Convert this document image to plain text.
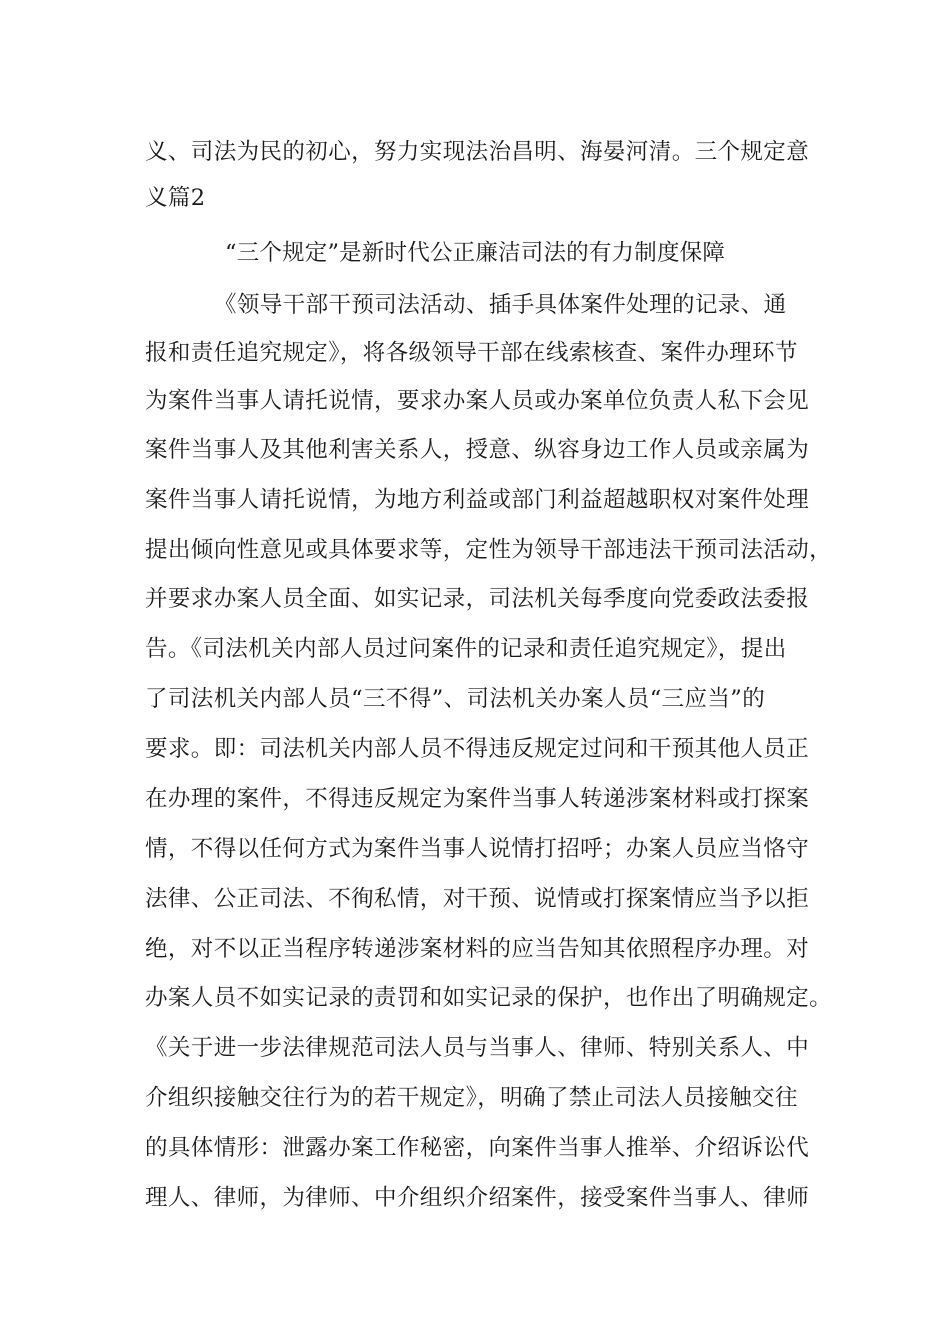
义、司法为民的初心，努力实现法治昌明、海晏河清。三个规定意
义篇2
“三个规定”是新时代公正廉洁司法的有力制度保障
《领导干部干预司法活动、插手具体案件处理的记录、通
报和责任追究规定》，将各级领导干部在线索核查、案件办理环节
为案件当事人请托说情，要求办案人员或办案单位负责人私下会见
案件当事人及其他利害关系人，授意、纵容身边工作人员或亲属为
案件当事人请托说情，为地方利益或部门利益超越职权对案件处理
提出倾向性意见或具体要求等，定性为领导干部违法干预司法活动，
并要求办案人员全面、如实记录，司法机关每季度向党委政法委报
告。《司法机关内部人员过问案件的记录和责任追究规定》，提出
了司法机关内部人员“三不得”、司法机关办案人员“三应当”的
要求。即：司法机关内部人员不得违反规定过问和干预其他人员正
在办理的案件，不得违反规定为案件当事人转递涉案材料或打探案
情，不得以任何方式为案件当事人说情打招呼；办案人员应当恪守
法律、公正司法、不徇私情，对干预、说情或打探案情应当予以拒
绝，对不以正当程序转递涉案材料的应当告知其依照程序办理。对
办案人员不如实记录的责罚和如实记录的保护，也作出了明确规定。
《关于进一步法律规范司法人员与当事人、律师、特别关系人、中
介组织接触交往行为的若干规定》，明确了禁止司法人员接触交往
的具体情形：泄露办案工作秘密，向案件当事人推举、介绍诉讼代
理人、律师，为律师、中介组织介绍案件，接受案件当事人、律师
